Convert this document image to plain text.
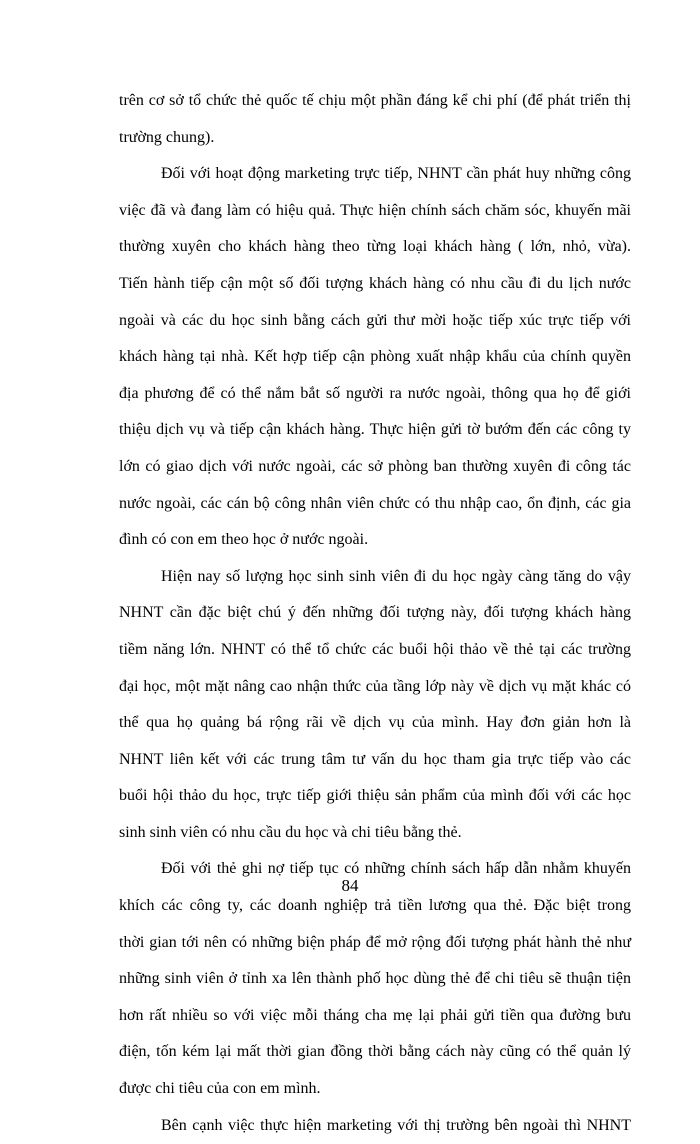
trên cơ sở tổ chức thẻ quốc tế chịu một phần đáng kể chi phí (để phát triển thị
trường chung).
Đối với hoạt động marketing trực tiếp, NHNT cần phát huy những công
việc đã và đang làm có hiệu quả. Thực hiện chính sách chăm sóc, khuyến mãi
thường xuyên cho khách hàng theo từng loại khách hàng ( lớn, nhỏ, vừa).
Tiến hành tiếp cận một số đối tượng khách hàng có nhu cầu đi du lịch nước
ngoài và các du học sinh bằng cách gửi thư mời hoặc tiếp xúc trực tiếp với
khách hàng tại nhà. Kết hợp tiếp cận phòng xuất nhập khẩu của chính quyền
địa phương để có thể nắm bắt số người ra nước ngoài, thông qua họ để giới
thiệu dịch vụ và tiếp cận khách hàng. Thực hiện gửi tờ bướm đến các công ty
lớn có giao dịch với nước ngoài, các sở phòng ban thường xuyên đi công tác
nước ngoài, các cán bộ công nhân viên chức có thu nhập cao, ổn định, các gia
đình có con em theo học ở nước ngoài.
Hiện nay số lượng học sinh sinh viên đi du học ngày càng tăng do vậy
NHNT cần đặc biệt chú ý đến những đối tượng này, đối tượng khách hàng
tiềm năng lớn. NHNT có thể tổ chức các buổi hội thảo về thẻ tại các trường
đại học, một mặt nâng cao nhận thức của tầng lớp này về dịch vụ mặt khác có
thể qua họ quảng bá rộng rãi về dịch vụ của mình. Hay đơn giản hơn là
NHNT liên kết với các trung tâm tư vấn du học tham gia trực tiếp vào các
buổi hội thảo du học, trực tiếp giới thiệu sản phẩm của mình đối với các học
sinh sinh viên có nhu cầu du học và chi tiêu bằng thẻ.
Đối với thẻ ghi nợ tiếp tục có những chính sách hấp dẫn nhằm khuyến
khích các công ty, các doanh nghiệp trả tiền lương qua thẻ. Đặc biệt trong
thời gian tới nên có những biện pháp để mở rộng đối tượng phát hành thẻ như
những sinh viên ở tỉnh xa lên thành phố học dùng thẻ để chi tiêu sẽ thuận tiện
hơn rất nhiều so với việc mỗi tháng cha mẹ lại phải gửi tiền qua đường bưu
điện, tốn kém lại mất thời gian đồng thời bằng cách này cũng có thể quản lý
được chi tiêu của con em mình.
Bên cạnh việc thực hiện marketing với thị trường bên ngoài thì NHNT
84
